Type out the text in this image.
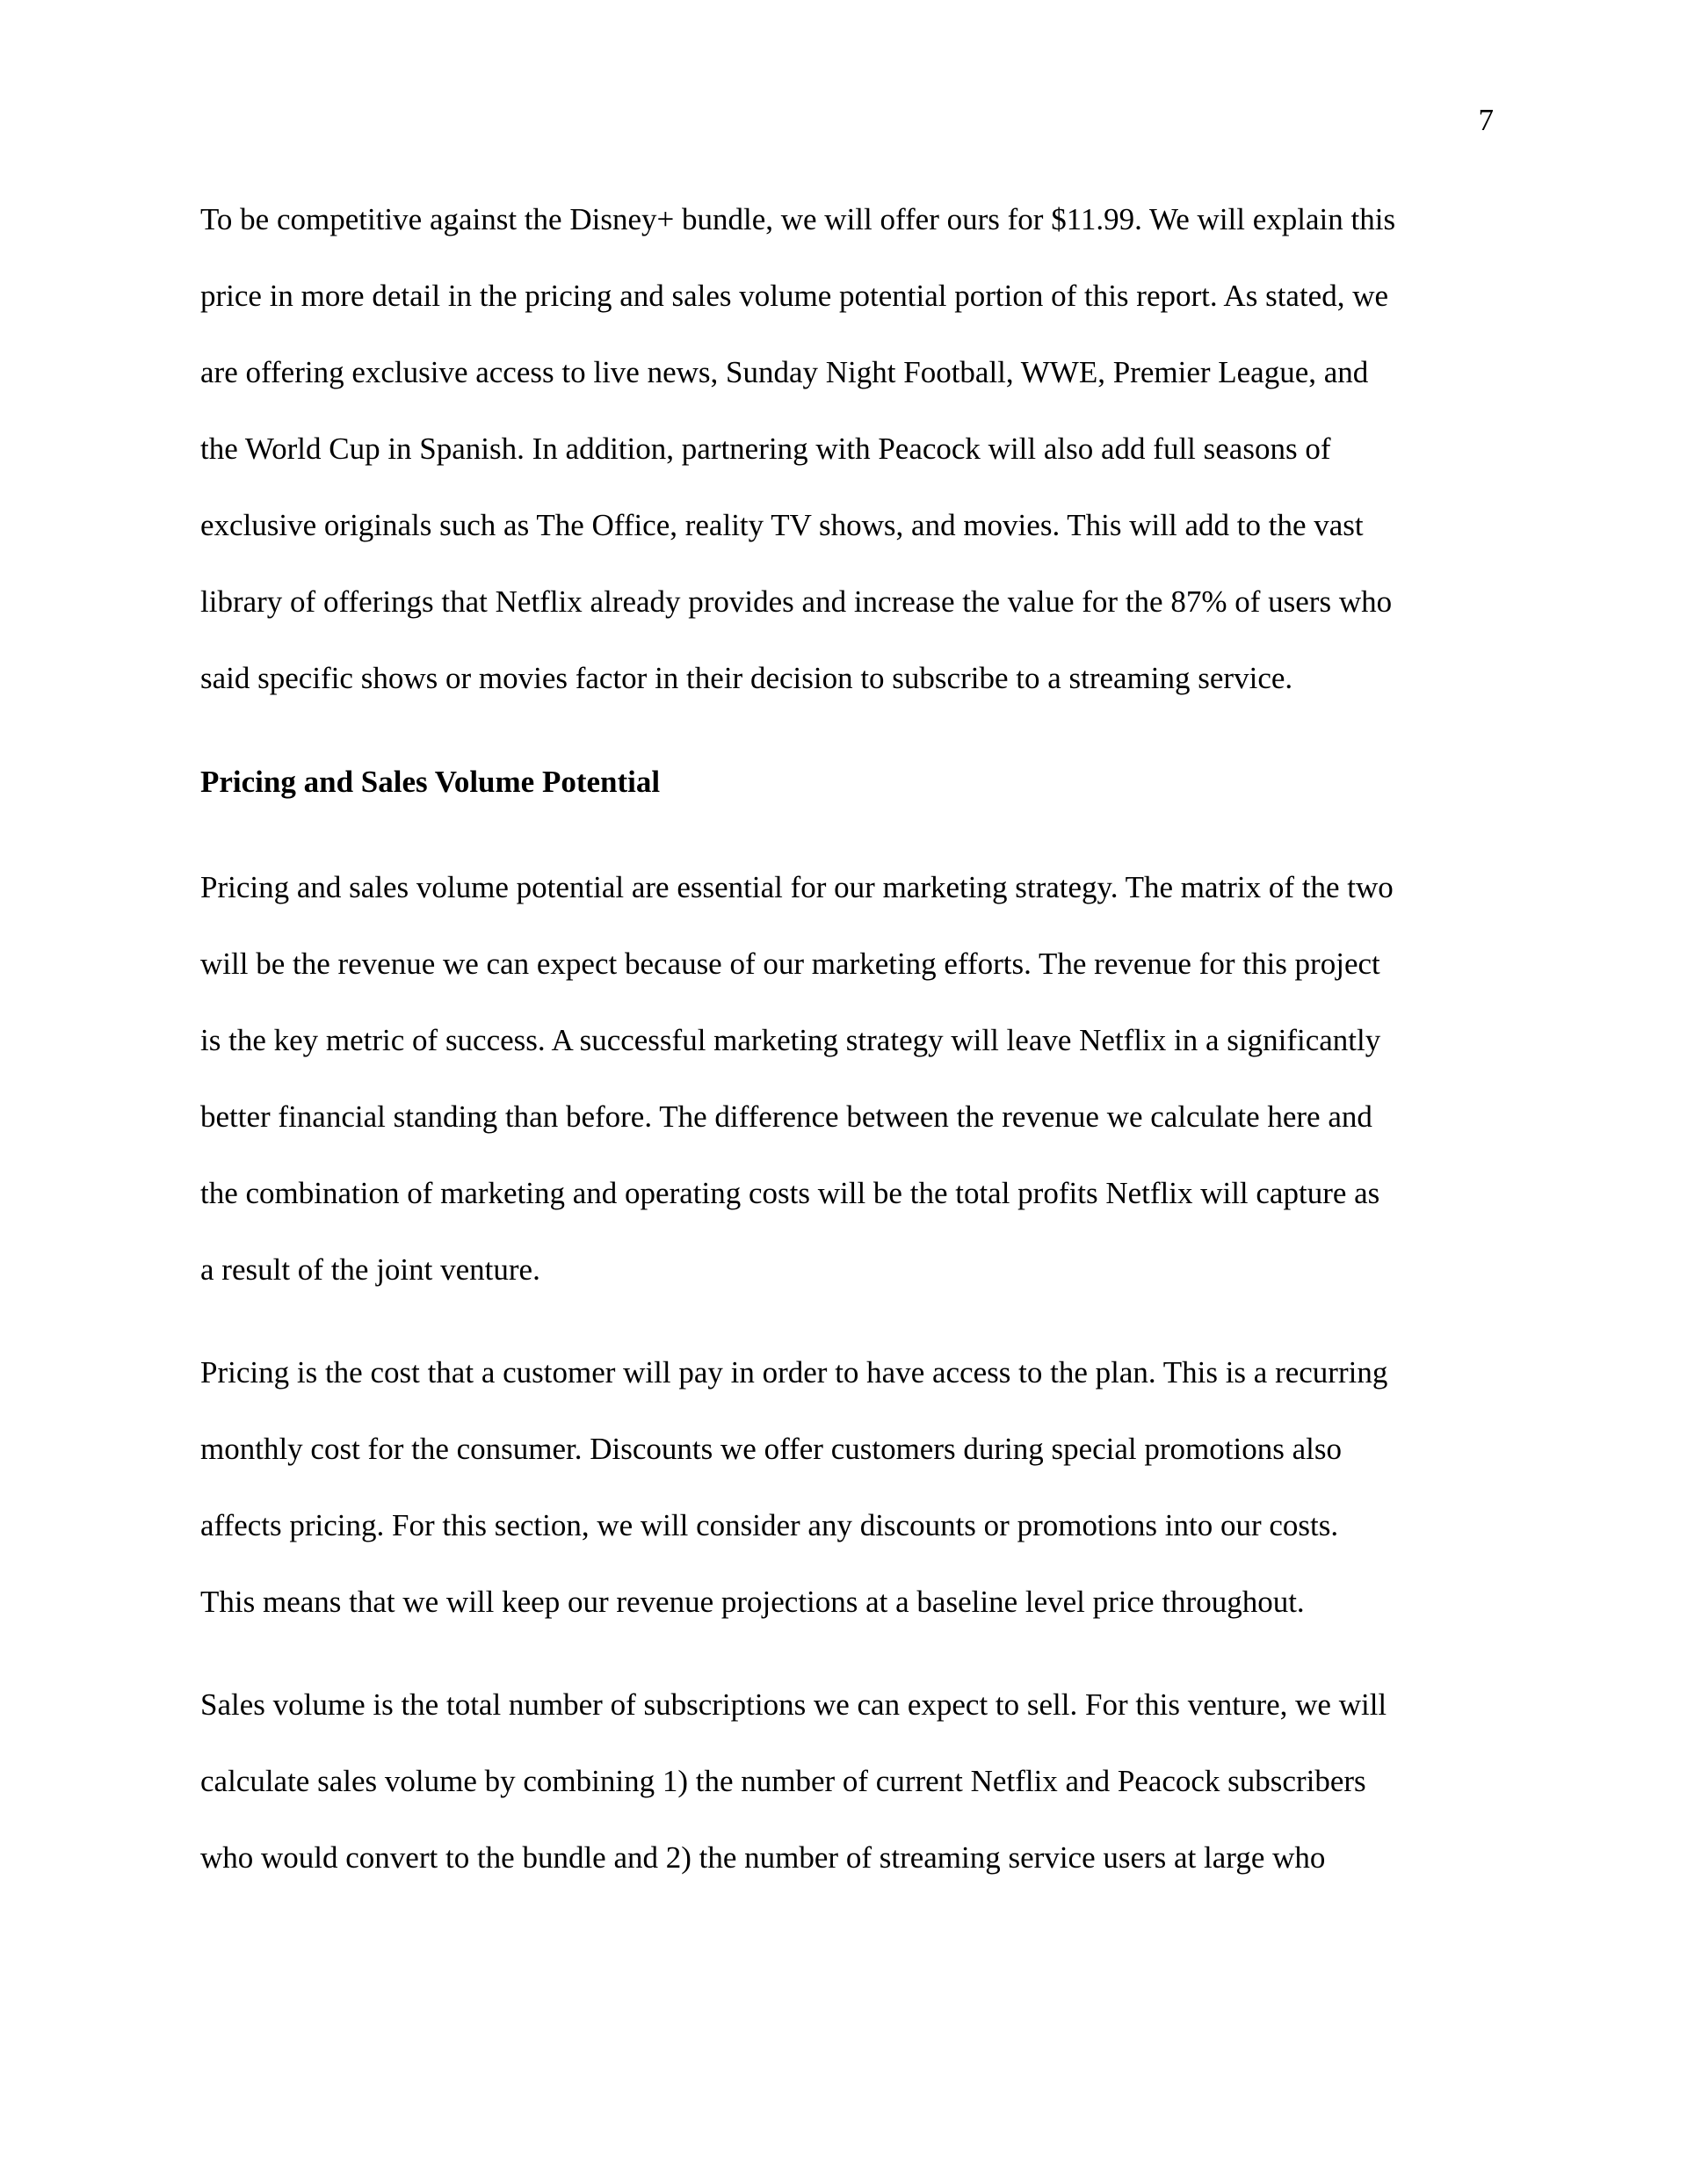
7
To be competitive against the Disney+ bundle, we will offer ours for $11.99. We will explain this
price in more detail in the pricing and sales volume potential portion of this report. As stated, we
are offering exclusive access to live news, Sunday Night Football, WWE, Premier League, and
the World Cup in Spanish. In addition, partnering with Peacock will also add full seasons of
exclusive originals such as The Office, reality TV shows, and movies. This will add to the vast
library of offerings that Netflix already provides and increase the value for the 87% of users who
said specific shows or movies factor in their decision to subscribe to a streaming service.
Pricing and Sales Volume Potential
Pricing and sales volume potential are essential for our marketing strategy. The matrix of the two
will be the revenue we can expect because of our marketing efforts. The revenue for this project
is the key metric of success. A successful marketing strategy will leave Netflix in a significantly
better financial standing than before. The difference between the revenue we calculate here and
the combination of marketing and operating costs will be the total profits Netflix will capture as
a result of the joint venture.
Pricing is the cost that a customer will pay in order to have access to the plan. This is a recurring
monthly cost for the consumer. Discounts we offer customers during special promotions also
affects pricing. For this section, we will consider any discounts or promotions into our costs.
This means that we will keep our revenue projections at a baseline level price throughout.
Sales volume is the total number of subscriptions we can expect to sell. For this venture, we will
calculate sales volume by combining 1) the number of current Netflix and Peacock subscribers
who would convert to the bundle and 2) the number of streaming service users at large who
